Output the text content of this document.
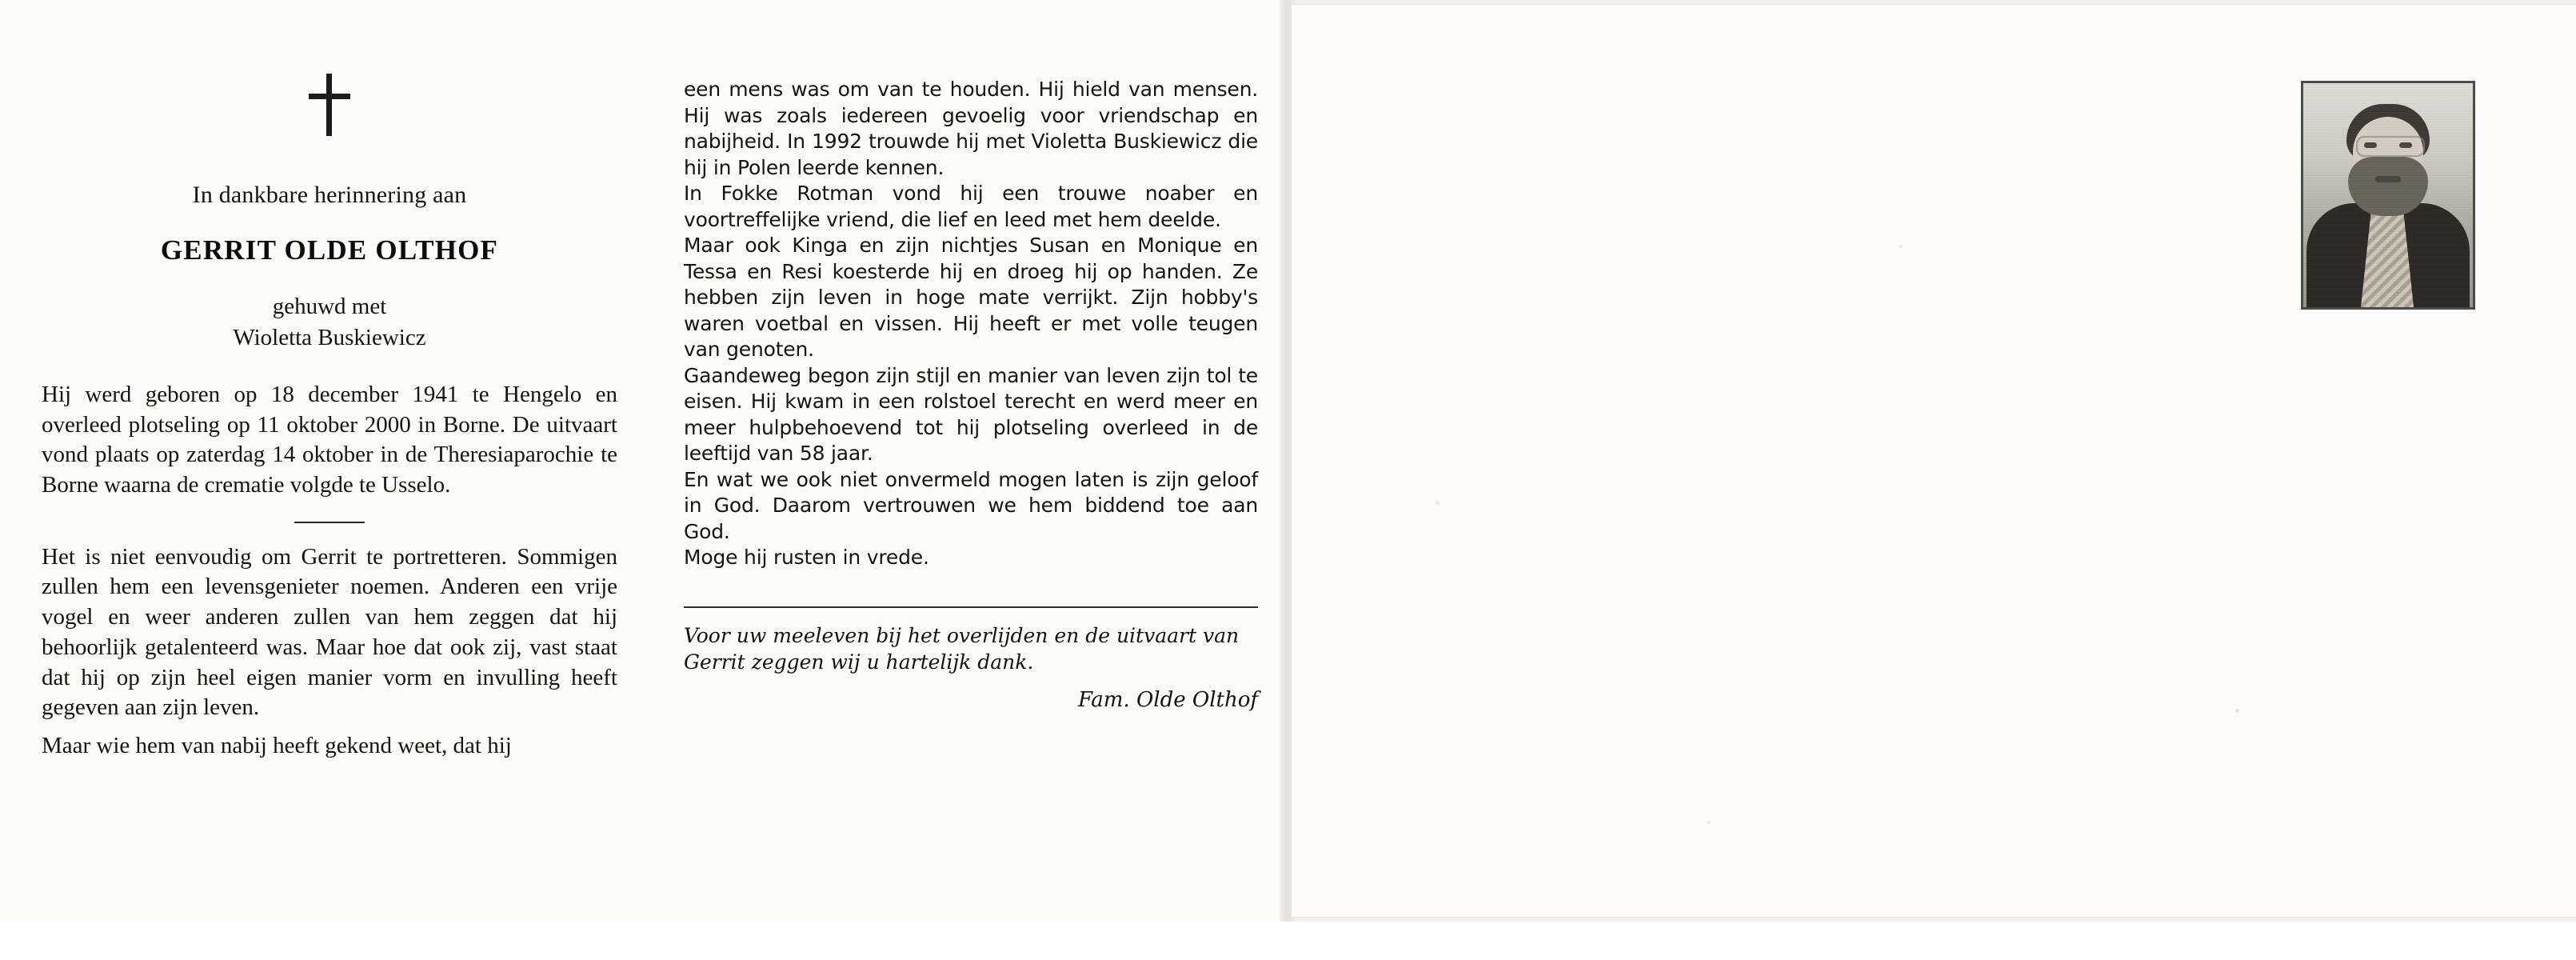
In dankbare herinnering aan
GERRIT OLDE OLTHOF
gehuwd met
Wioletta Buskiewicz

Hij werd geboren op 18 december 1941 te Hengelo en overleed plotseling op 11 oktober 2000 in Borne. De uitvaart vond plaats op zaterdag 14 oktober in de Theresiaparochie te Borne waarna de crematie volgde te Usselo.

Het is niet eenvoudig om Gerrit te portretteren. Sommigen zullen hem een levensgenieter noemen. Anderen een vrije vogel en weer anderen zullen van hem zeggen dat hij behoorlijk getalenteerd was. Maar hoe dat ook zij, vast staat dat hij op zijn heel eigen manier vorm en invulling heeft gegeven aan zijn leven.

Maar wie hem van nabij heeft gekend weet, dat hij

een mens was om van te houden. Hij hield van mensen. Hij was zoals iedereen gevoelig voor vriendschap en nabijheid. In 1992 trouwde hij met Violetta Buskiewicz die hij in Polen leerde kennen.

In Fokke Rotman vond hij een trouwe noaber en voortreffelijke vriend, die lief en leed met hem deelde.

Maar ook Kinga en zijn nichtjes Susan en Monique en Tessa en Resi koesterde hij en droeg hij op handen. Ze hebben zijn leven in hoge mate verrijkt. Zijn hobby's waren voetbal en vissen. Hij heeft er met volle teugen van genoten.

Gaandeweg begon zijn stijl en manier van leven zijn tol te eisen. Hij kwam in een rolstoel terecht en werd meer en meer hulpbehoevend tot hij plotseling overleed in de leeftijd van 58 jaar.

En wat we ook niet onvermeld mogen laten is zijn geloof in God. Daarom vertrouwen we hem biddend toe aan God.

Moge hij rusten in vrede.

Voor uw meeleven bij het overlijden en de uitvaart van Gerrit zeggen wij u hartelijk dank.
Fam. Olde Olthof
